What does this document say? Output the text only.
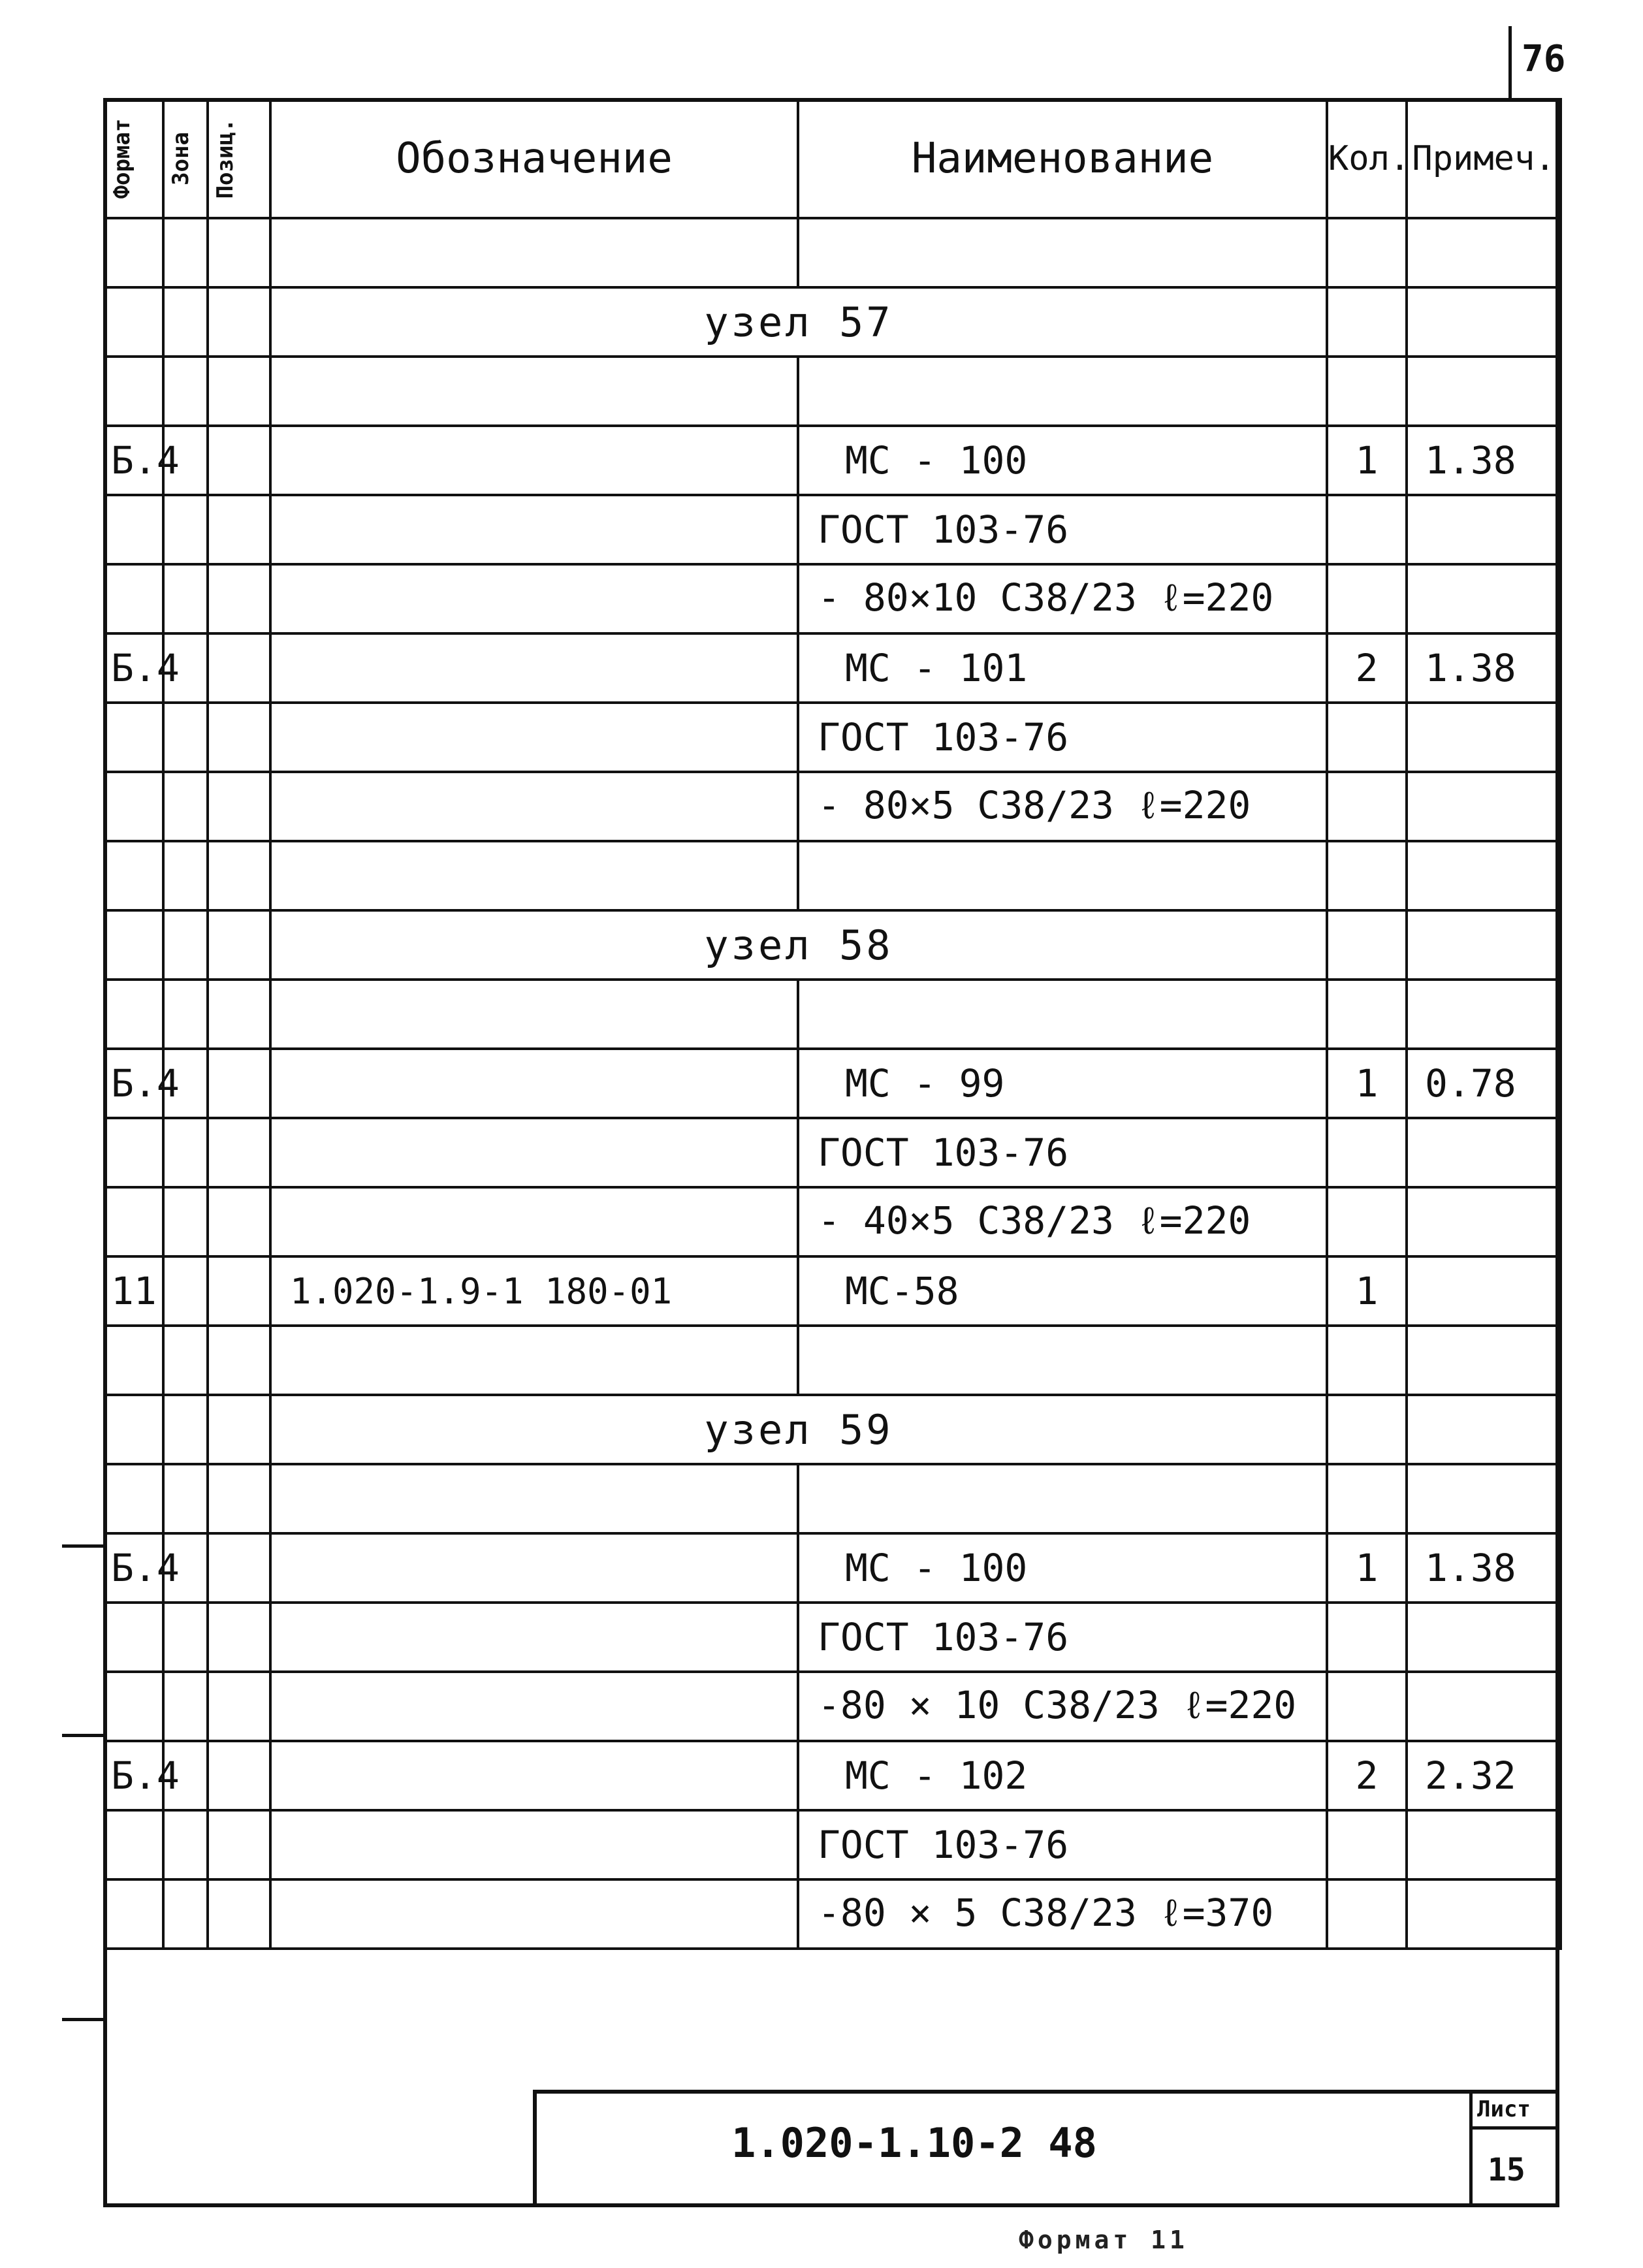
76
Формат	Зона	Позиц.	Обозначение	Наименование	Кол.	Примеч.

			узел 57			

Б.4				МС - 100	1	1.38
				ГОСТ 103-76		
				- 80×10 С38/23 ℓ=220		
Б.4				МС - 101	2	1.38
				ГОСТ 103-76		
				- 80×5 С38/23 ℓ=220		

			узел 58			

Б.4				МС - 99	1	0.78
				ГОСТ 103-76		
				- 40×5 С38/23 ℓ=220		
11			1.020-1.9-1 180-01	МС-58	1	

			узел 59			

Б.4				МС - 100	1	1.38
				ГОСТ 103-76		
				-80 × 10 С38/23 ℓ=220		
Б.4				МС - 102	2	2.32
				ГОСТ 103-76		
				-80 × 5 С38/23 ℓ=370		
1.020-1.10-2 48
Лист
15
Формат 11
